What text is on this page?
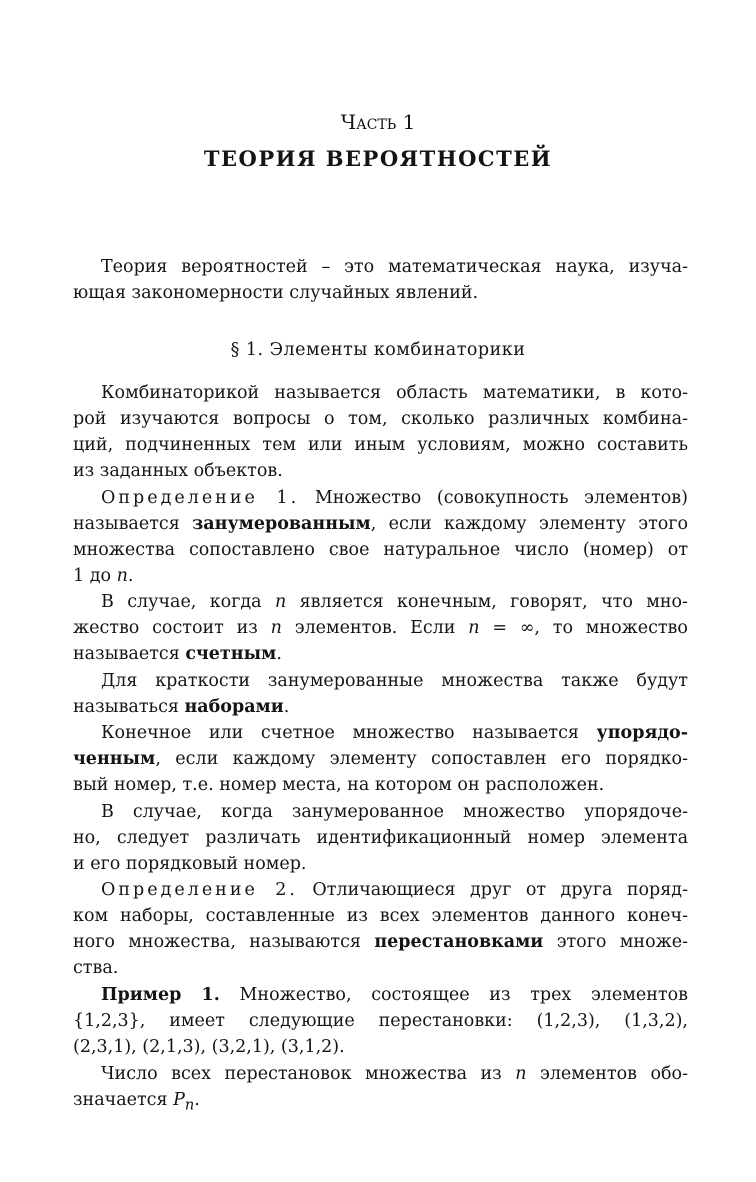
Часть 1
ТЕОРИЯ ВЕРОЯТНОСТЕЙ
Теория вероятностей – это математическая наука, изуча-
ющая закономерности случайных явлений.
§ 1. Элементы комбинаторики
Комбинаторикой называется область математики, в кото-
рой изучаются вопросы о том, сколько различных комбина-
ций, подчиненных тем или иным условиям, можно составить
из заданных объектов.
Определение 1. Множество (совокупность элементов)
называется занумерованным, если каждому элементу этого
множества сопоставлено свое натуральное число (номер) от
1 до n.
В случае, когда n является конечным, говорят, что мно-
жество состоит из n элементов. Если n = ∞, то множество
называется счетным.
Для краткости занумерованные множества также будут
называться наборами.
Конечное или счетное множество называется упорядо-
ченным, если каждому элементу сопоставлен его порядко-
вый номер, т.е. номер места, на котором он расположен.
В случае, когда занумерованное множество упорядоче-
но, следует различать идентификационный номер элемента
и его порядковый номер.
Определение 2. Отличающиеся друг от друга поряд-
ком наборы, составленные из всех элементов данного конеч-
ного множества, называются перестановками этого множе-
ства.
Пример 1. Множество, состоящее из трех элементов
{1,2,3}, имеет следующие перестановки: (1,2,3), (1,3,2),
(2,3,1), (2,1,3), (3,2,1), (3,1,2).
Число всех перестановок множества из n элементов обо-
значается $P_n$.
